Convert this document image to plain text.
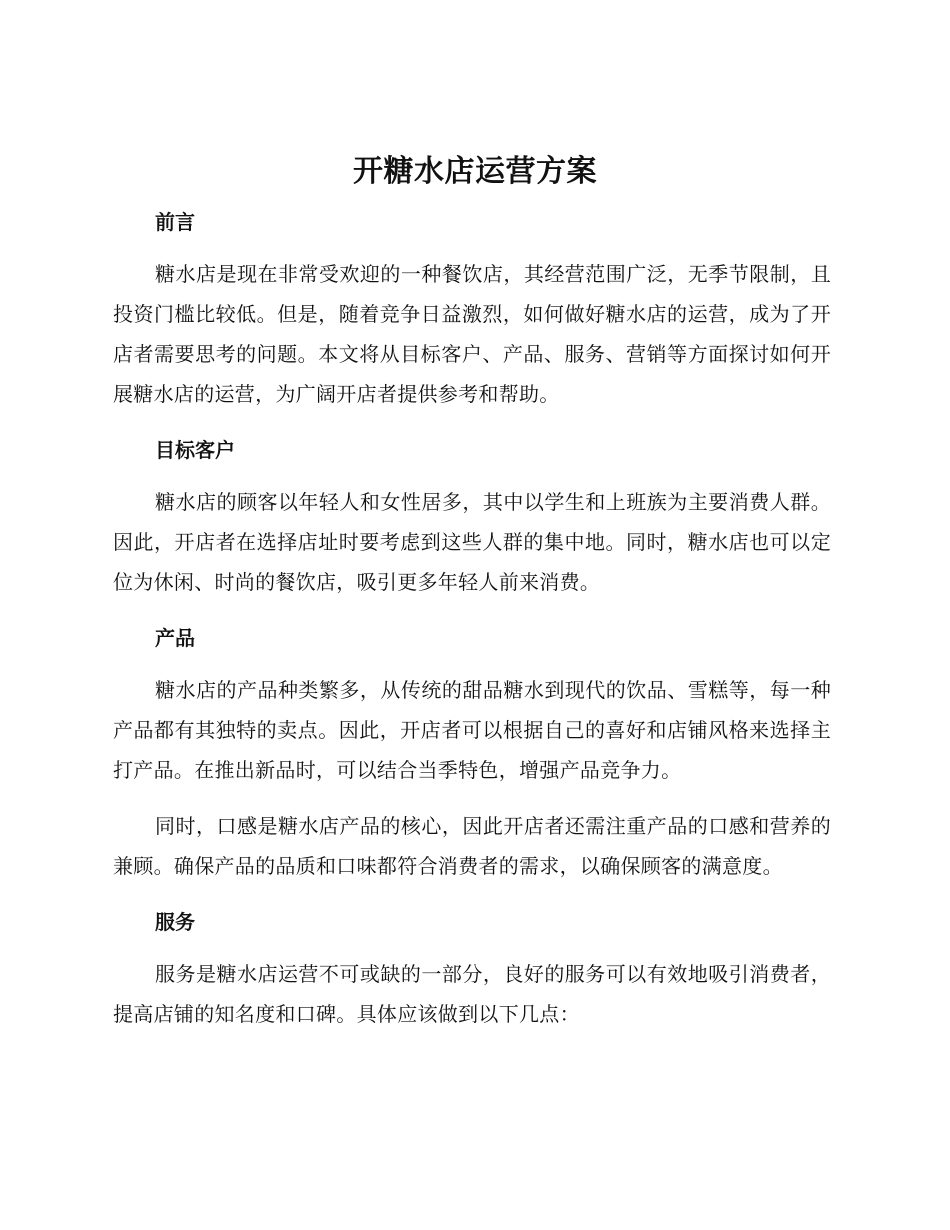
开糖水店运营方案
前言

糖水店是现在非常受欢迎的一种餐饮店，其经营范围广泛，无季节限制，且投资门槛比较低。但是，随着竞争日益激烈，如何做好糖水店的运营，成为了开店者需要思考的问题。本文将从目标客户、产品、服务、营销等方面探讨如何开展糖水店的运营，为广阔开店者提供参考和帮助。

目标客户

糖水店的顾客以年轻人和女性居多，其中以学生和上班族为主要消费人群。因此，开店者在选择店址时要考虑到这些人群的集中地。同时，糖水店也可以定位为休闲、时尚的餐饮店，吸引更多年轻人前来消费。

产品

糖水店的产品种类繁多，从传统的甜品糖水到现代的饮品、雪糕等，每一种产品都有其独特的卖点。因此，开店者可以根据自己的喜好和店铺风格来选择主打产品。在推出新品时，可以结合当季特色，增强产品竞争力。

同时，口感是糖水店产品的核心，因此开店者还需注重产品的口感和营养的兼顾。确保产品的品质和口味都符合消费者的需求，以确保顾客的满意度。

服务

服务是糖水店运营不可或缺的一部分，良好的服务可以有效地吸引消费者，提高店铺的知名度和口碑。具体应该做到以下几点：
